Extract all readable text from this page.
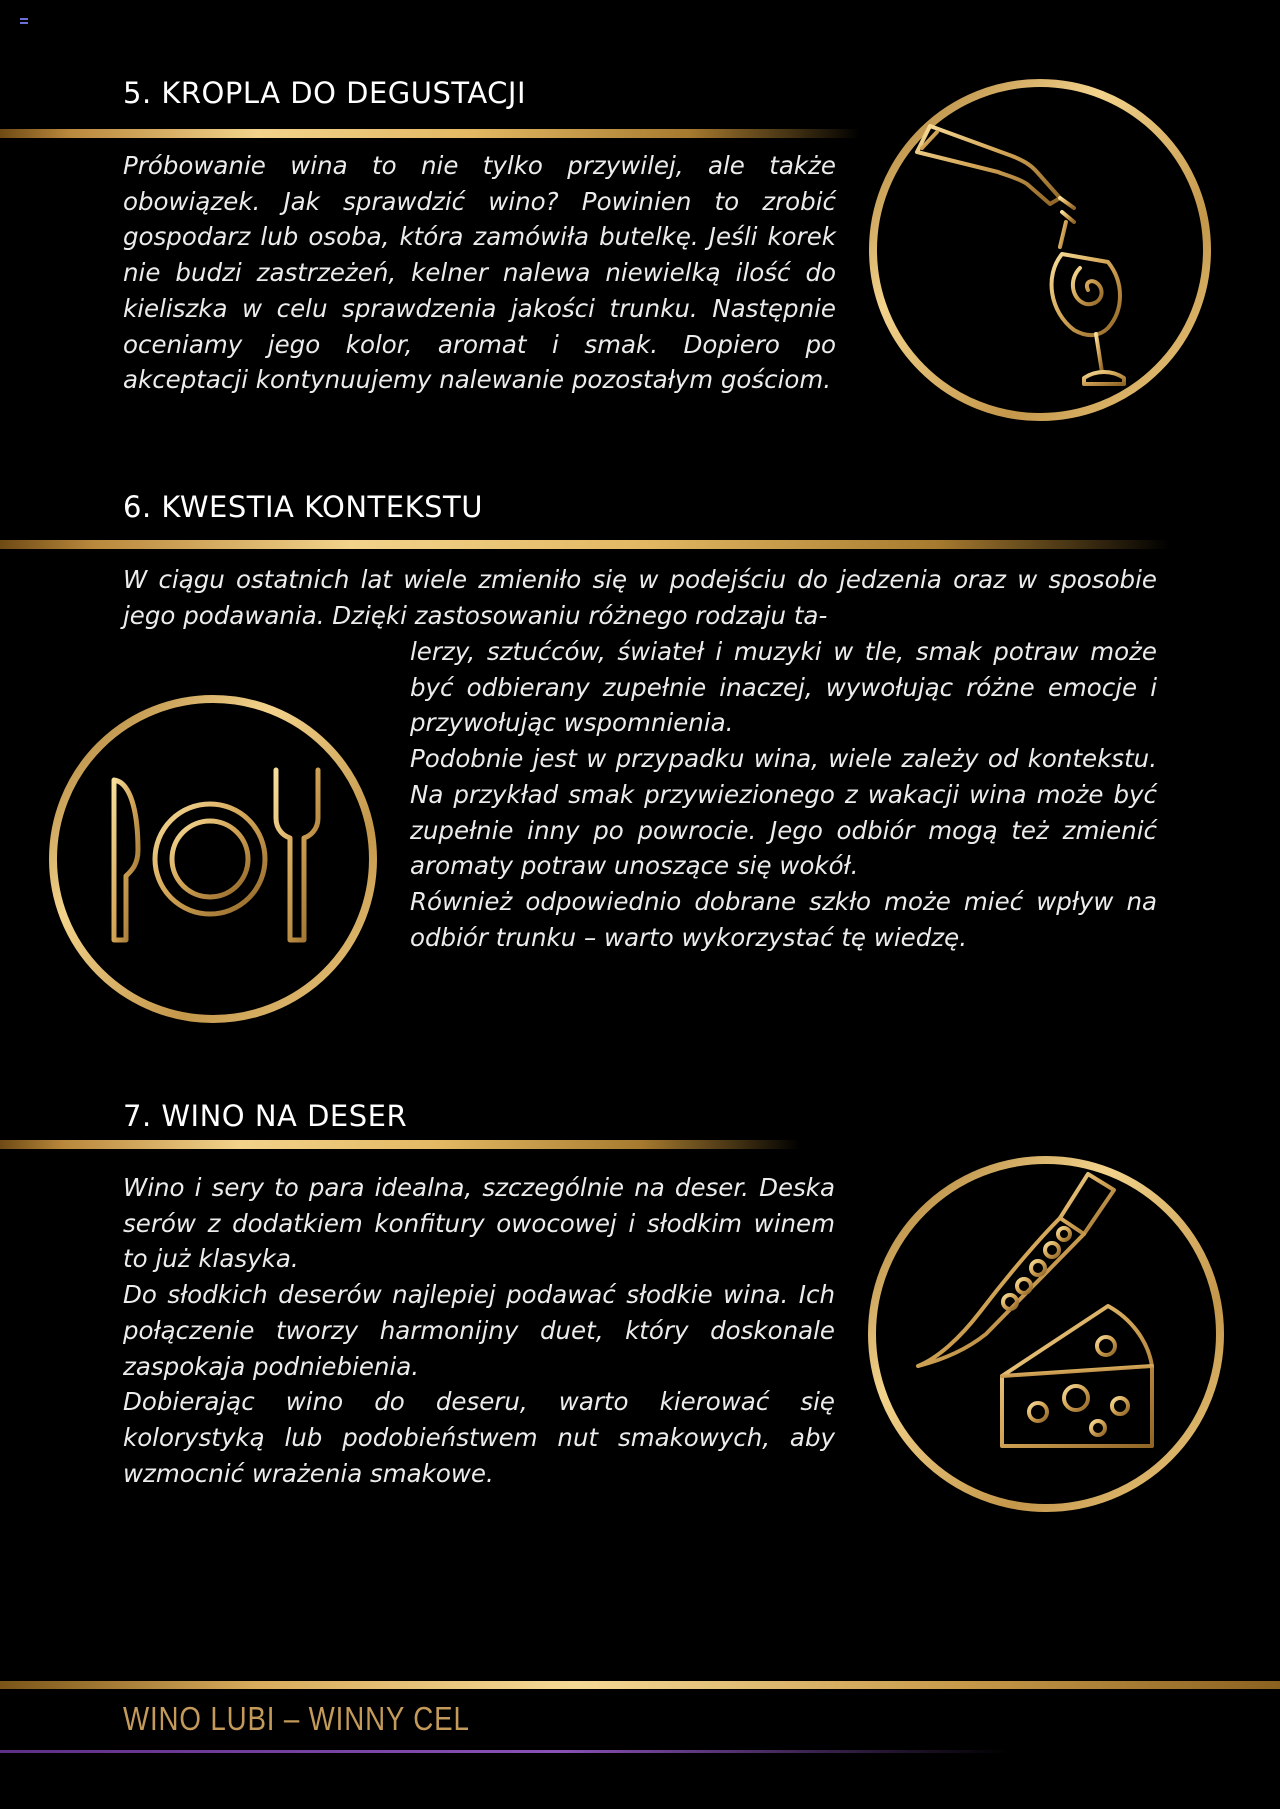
5. KROPLA DO DEGUSTACJI

Próbowanie wina to nie tylko przywilej, ale także obowiązek. Jak sprawdzić wino? Powinien to zrobić gospodarz lub osoba, która zamówiła butelkę. Jeśli korek nie budzi zastrzeżeń, kelner nalewa niewielką ilość do kieliszka w celu sprawdzenia jakości trunku. Następnie oceniamy jego kolor, aromat i smak. Dopiero po akceptacji kontynuujemy nalewanie pozostałym gościom.

6. KWESTIA KONTEKSTU

W ciągu ostatnich lat wiele zmieniło się w podejściu do jedzenia oraz w sposobie jego podawania. Dzięki zastosowaniu różnego rodzaju ta-

lerzy, sztućców, świateł i muzyki w tle, smak potraw może być odbierany zupełnie inaczej, wywołując różne emocje i przywołując wspomnienia.

Podobnie jest w przypadku wina, wiele zależy od kontekstu. Na przykład smak przywiezionego z wakacji wina może być zupełnie inny po powrocie. Jego odbiór mogą też zmienić aromaty potraw unoszące się wokół.

Również odpowiednio dobrane szkło może mieć wpływ na odbiór trunku – warto wykorzystać tę wiedzę.

7. WINO NA DESER

Wino i sery to para idealna, szczególnie na deser. Deska serów z dodatkiem konfitury owocowej i słodkim winem to już klasyka.

Do słodkich deserów najlepiej podawać słodkie wina. Ich połączenie tworzy harmonijny duet, który doskonale zaspokaja podniebienia.

Dobierając wino do deseru, warto kierować się kolorystyką lub podobieństwem nut smakowych, aby wzmocnić wrażenia smakowe.

WINO LUBI – WINNY CEL
